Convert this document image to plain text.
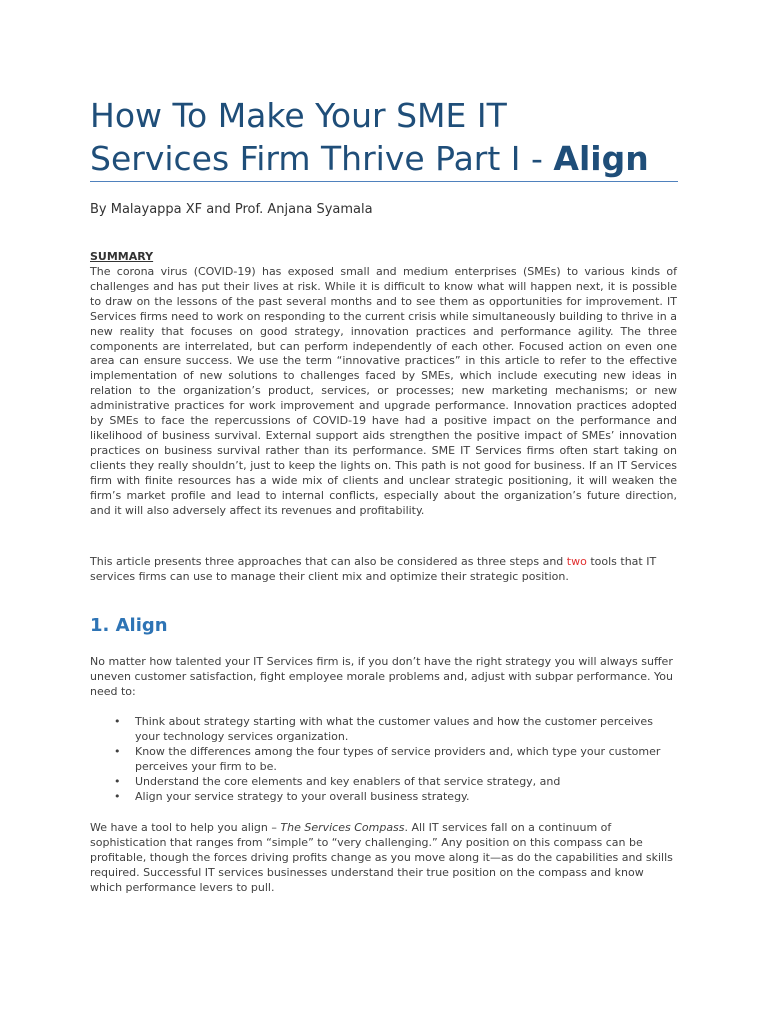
How To Make Your SME IT
Services Firm Thrive Part I - Align
By Malayappa XF and Prof. Anjana Syamala
SUMMARY

The corona virus (COVID-19) has exposed small and medium enterprises (SMEs) to various kinds of challenges and has put their lives at risk. While it is difficult to know what will happen next, it is possible to draw on the lessons of the past several months and to see them as opportunities for improvement. IT Services firms need to work on responding to the current crisis while simultaneously building to thrive in a new reality that focuses on good strategy, innovation practices and performance agility. The three components are interrelated, but can perform independently of each other. Focused action on even one area can ensure success. We use the term “innovative practices” in this article to refer to the effective implementation of new solutions to challenges faced by SMEs, which include executing new ideas in relation to the organization’s product, services, or processes; new marketing mechanisms; or new administrative practices for work improvement and upgrade performance. Innovation practices adopted by SMEs to face the repercussions of COVID-19 have had a positive impact on the performance and likelihood of business survival. External support aids strengthen the positive impact of SMEs’ innovation practices on business survival rather than its performance. SME IT Services firms often start taking on clients they really shouldn’t, just to keep the lights on. This path is not good for business. If an IT Services firm with finite resources has a wide mix of clients and unclear strategic positioning, it will weaken the firm’s market profile and lead to internal conflicts, especially about the organization’s future direction, and it will also adversely affect its revenues and profitability.

This article presents three approaches that can also be considered as three steps and two tools that IT services firms can use to manage their client mix and optimize their strategic position.

1. Align

No matter how talented your IT Services firm is, if you don’t have the right strategy you will always suffer uneven customer satisfaction, fight employee morale problems and, adjust with subpar performance. You need to:

•	Think about strategy starting with what the customer values and how the customer perceives your technology services organization.
•	Know the differences among the four types of service providers and, which type your customer perceives your firm to be.
•	Understand the core elements and key enablers of that service strategy, and
•	Align your service strategy to your overall business strategy.

We have a tool to help you align – The Services Compass. All IT services fall on a continuum of sophistication that ranges from “simple” to “very challenging.” Any position on this compass can be profitable, though the forces driving profits change as you move along it—as do the capabilities and skills required. Successful IT services businesses understand their true position on the compass and know which performance levers to pull.
